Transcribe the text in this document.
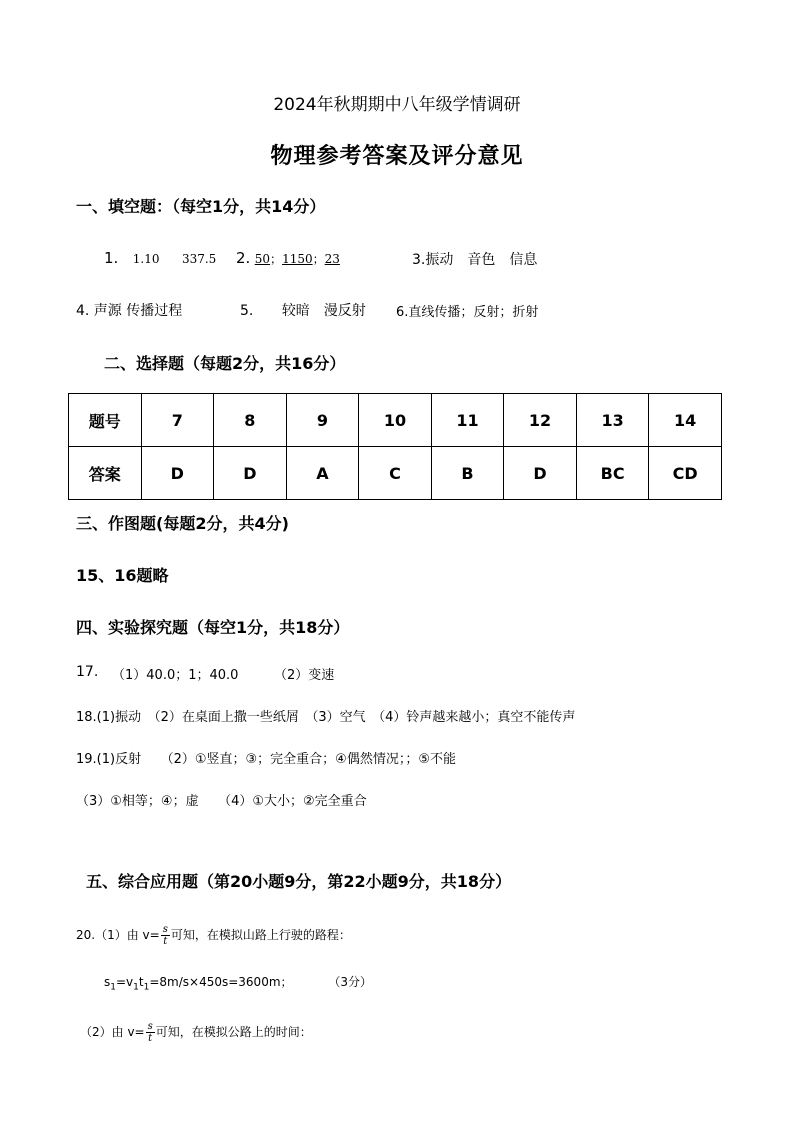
2024年秋期期中八年级学情调研
物理参考答案及评分意见
一、填空题：（每空1分，共14分）
1. 1.10 337.5 2. 50；1150；23	3.振动　音色　信息
4. 声源 传播过程	5. 较暗　漫反射 6.直线传播；反射；折射
二、选择题（每题2分，共16分）
题号	7	8	9	10	11	12	13	14
答案	D	D	A	C	B	D	BC	CD
三、作图题(每题2分，共4分)
15、16题略
四、实验探究题（每空1分，共18分）
17. （1）40.0；1；40.0	（2）变速
18.(1)振动　（2）在桌面上撒一些纸屑　（3）空气　（4）铃声越来越小；真空不能传声
19.(1)反射　　（2）①竖直；③；完全重合；④偶然情况；；⑤不能
（3）①相等；④；虚　　（4）①大小；②完全重合
五、综合应用题（第20小题9分，第22小题9分，共18分）
20.（1）由 $v= \frac{s}{t}$ 可知，在模拟山路上行驶的路程：
$s_1=v_1t_1=8m/s\times 450s=3600m$；	（3分）
（2）由 $v= \frac{s}{t}$ 可知，在模拟公路上的时间：
